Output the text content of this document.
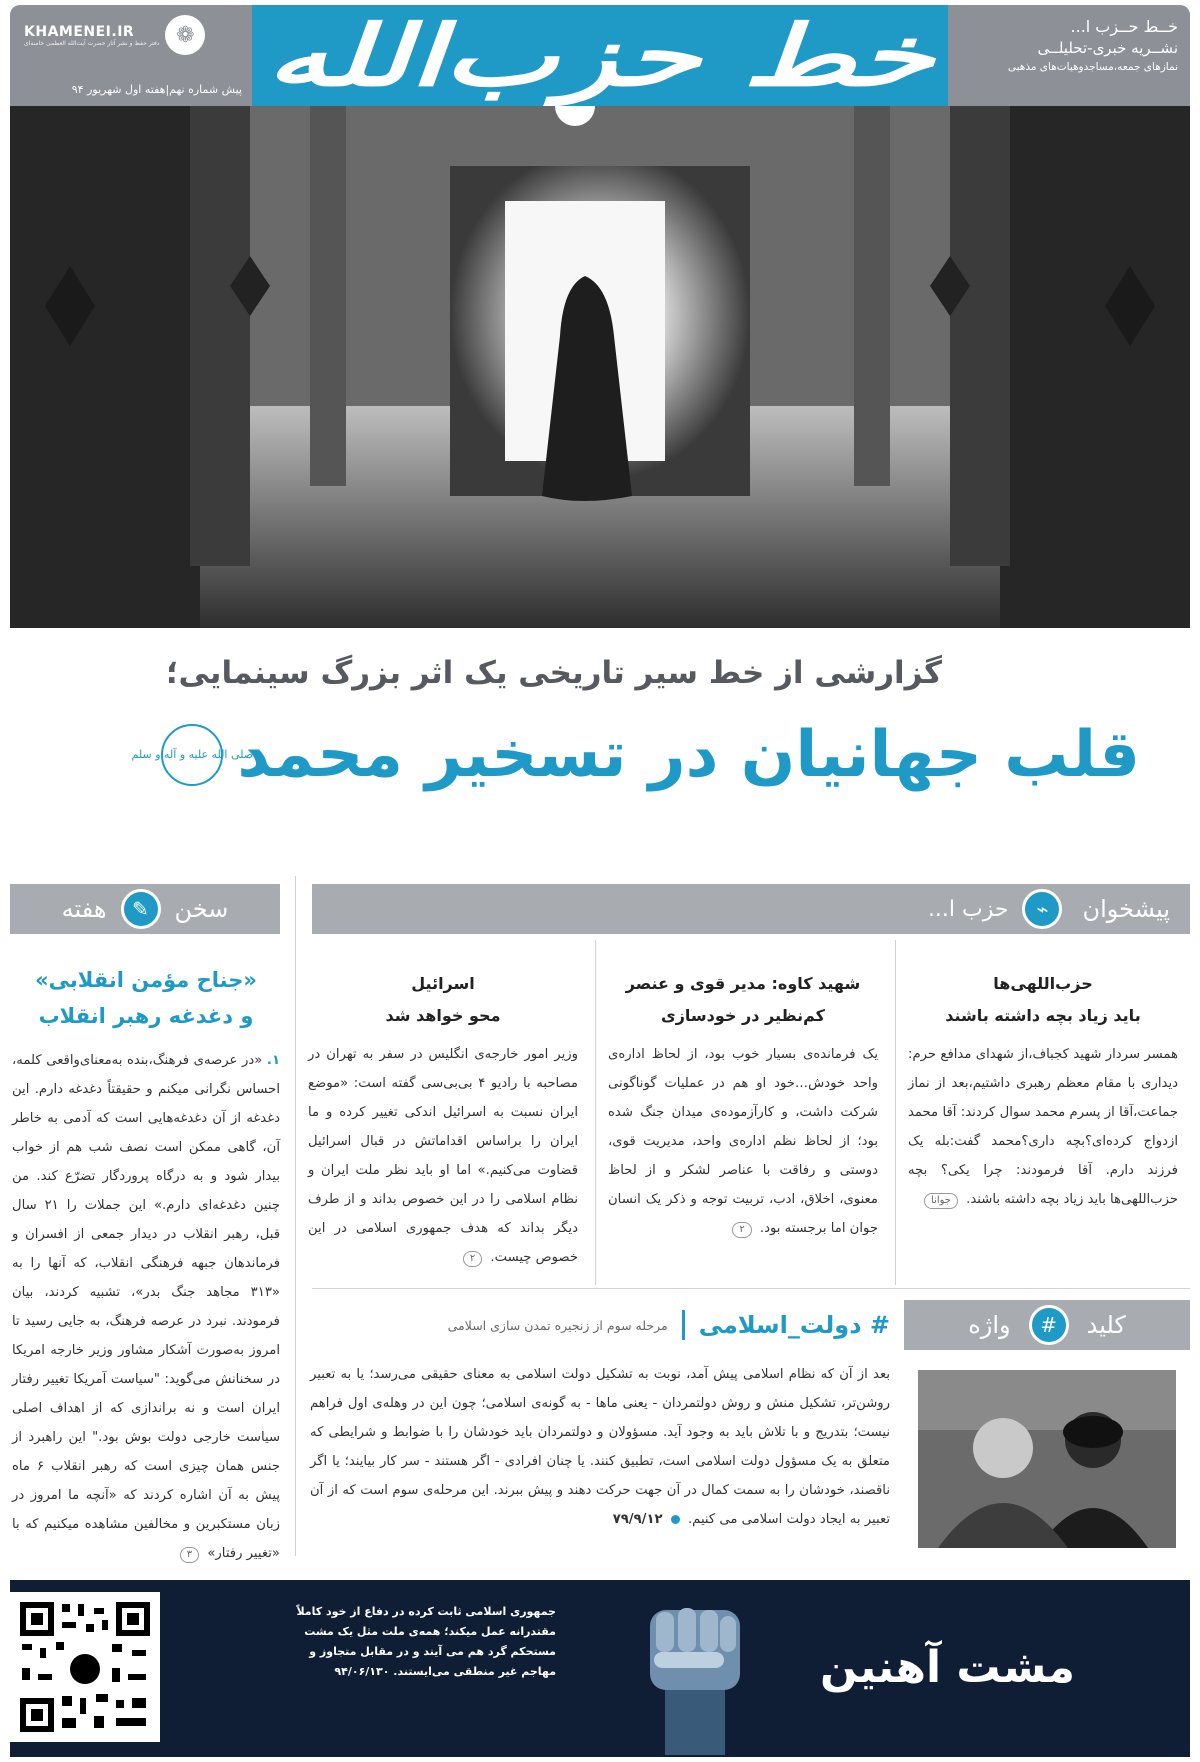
❁
KHAMENEI.IR
دفتر حفظ و نشر آثار حضرت آیت‌الله العظمی خامنه‌ای
پیش شماره نهم|هفته اول شهریور ۹۴ خط حزب‌الله	خــط حــزب ا...
نشــریه خبری-تحلیلــی
نمازهای جمعه،مساجدوهیات‌های مذهبی
گزارشی از خط سیر تاریخی یک اثر بزرگ سینمایی؛
قلب جهانیان در تسخیر محمد
صلی الله علیه و آله و سلم
پیشخوان
⌁
حزب ا...
سخن
✎
هفته
حزب‌اللهی‌ها
باید زیاد بچه داشته باشند
همسر سردار شهید کجباف،از شهدای مدافع حرم: دیداری با مقام معظم رهبری داشتیم،بعد از نماز جماعت،آقا از پسرم محمد سوال کردند: آقا محمد ازدواج کرده‌ای؟بچه داری؟محمد گفت:بله یک فرزند دارم. آقا فرمودند: چرا یکی؟ بچه حزب‌اللهی‌ها باید زیاد بچه داشته باشند. جوانا
شهید کاوه: مدیر قوی و عنصر
کم‌نظیر در خودسازی
یک فرمانده‌ی بسیار خوب بود، از لحاظ اداره‌ی واحد خودش…خود او هم در عملیات گوناگونی شرکت داشت، و کارآزموده‌ی میدان جنگ شده بود؛ از لحاظ نظم اداره‌ی واحد، مدیریت قوی، دوستی و رفاقت با عناصر لشکر و از لحاظ معنوی، اخلاق، ادب، تربیت توجه و ذکر یک انسان جوان اما برجسته بود. ۲
اسرائیل
محو خواهد شد
وزیر امور خارجه‌ی انگلیس در سفر به تهران در مصاحبه با رادیو ۴ بی‌بی‌سی گفته است: «موضع ایران نسبت به اسرائیل اندکی تغییر کرده و ما ایران را براساس اقداماتش در قبال اسرائیل قضاوت می‌کنیم.» اما او باید نظر ملت ایران و نظام اسلامی را در این خصوص بداند و از طرف دیگر بداند که هدف جمهوری اسلامی در این خصوص چیست. ۲
«جناح مؤمن انقلابی»
و دغدغه رهبر انقلاب
۱. «در عرصه‌ی فرهنگ،بنده به‌معنای‌واقعی کلمه، احساس نگرانی میکنم و حقیقتاً دغدغه دارم. این دغدغه از آن دغدغه‌هایی است که آدمی به خاطر آن، گاهی ممکن است نصف شب هم از خواب بیدار شود و به درگاه پروردگار تضرّع کند. من چنین دغدغه‌ای دارم.» این جملات را ۲۱ سال قبل، رهبر انقلاب در دیدار جمعی از افسران و فرماندهان جبهه فرهنگی انقلاب، که آنها را به «۳۱۳ مجاهد جنگ بدر»، تشبیه کردند، بیان فرمودند. نبرد در عرصه فرهنگ، به جایی رسید تا امروز به‌صورت آشکار مشاور وزیر خارجه امریکا در سخنانش می‌گوید: "سیاست آمریکا تغییر رفتار ایران است و نه براندازی که از اهداف اصلی سیاست خارجی دولت بوش بود." این راهبرد از جنس همان چیزی است که رهبر انقلاب ۶ ماه پیش به آن اشاره کردند که «آنچه ما امروز در زبان مستکبرین و مخالفین مشاهده میکنیم که با «تغییر رفتار» ۳
کلید
#
واژه
# دولت_اسلامی
مرحله سوم از زنجیره تمدن سازی اسلامی
بعد از آن که نظام اسلامی پیش آمد، نوبت به تشکیل دولت اسلامی به معنای حقیقی می‌رسد؛ یا به تعبیر روشن‌تر، تشکیل منش و روش دولتمردان - یعنی ماها - به گونه‌ی اسلامی؛ چون این در وهله‌ی اول فراهم نیست؛ بتدریج و با تلاش باید به وجود آید. مسؤولان و دولتمردان باید خودشان را با ضوابط و شرایطی که متعلق به یک مسؤول دولت اسلامی است، تطبیق کنند. یا چنان افرادی - اگر هستند - سر کار بیایند؛ یا اگر ناقصند، خودشان را به سمت کمال در آن جهت حرکت دهند و پیش ببرند. این مرحله‌ی سوم است که از آن تعبیر به ایجاد دولت اسلامی می کنیم.  ۷۹/۹/۱۲
جمهوری اسلامی ثابت کرده در دفاع از خود کاملاً مقتدرانه عمل میکند؛ همه‌ی ملت مثل یک مشت مستحکم گرد هم می آیند و در مقابل متجاوز و مهاجم غیر منطقی می‌ایستند. ۹۴/۰۶/۱۳۰	مشت آهنین
